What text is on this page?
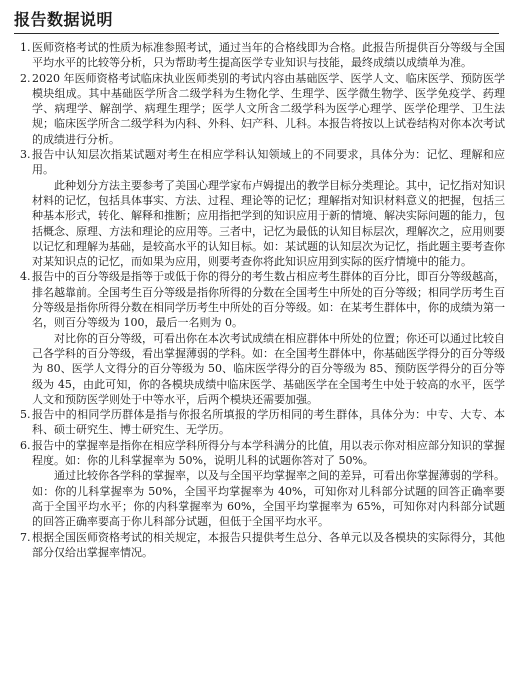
报告数据说明
1. 医师资格考试的性质为标准参照考试，通过当年的合格线即为合格。此报告所提供百分等级与全国平均水平的比较等分析，只为帮助考生提高医学专业知识与技能，最终成绩以成绩单为准。

2. 2020 年医师资格考试临床执业医师类别的考试内容由基础医学、医学人文、临床医学、预防医学模块组成。其中基础医学所含二级学科为生物化学、生理学、医学微生物学、医学免疫学、药理学、病理学、解剖学、病理生理学；医学人文所含二级学科为医学心理学、医学伦理学、卫生法规；临床医学所含二级学科为内科、外科、妇产科、儿科。本报告将按以上试卷结构对你本次考试的成绩进行分析。

3. 报告中认知层次指某试题对考生在相应学科认知领域上的不同要求，具体分为：记忆、理解和应用。

此种划分方法主要参考了美国心理学家布卢姆提出的教学目标分类理论。其中，记忆指对知识材料的记忆，包括具体事实、方法、过程、理论等的记忆；理解指对知识材料意义的把握，包括三种基本形式，转化、解释和推断；应用指把学到的知识应用于新的情境、解决实际问题的能力，包括概念、原理、方法和理论的应用等。三者中，记忆为最低的认知目标层次，理解次之，应用则要以记忆和理解为基础，是较高水平的认知目标。如：某试题的认知层次为记忆，指此题主要考查你对某知识点的记忆，而如果为应用，则要考查你将此知识应用到实际的医疗情境中的能力。

4. 报告中的百分等级是指等于或低于你的得分的考生数占相应考生群体的百分比，即百分等级越高，排名越靠前。全国考生百分等级是指你所得的分数在全国考生中所处的百分等级；相同学历考生百分等级是指你所得分数在相同学历考生中所处的百分等级。如：在某考生群体中，你的成绩为第一名，则百分等级为 100，最后一名则为 0。

对比你的百分等级，可看出你在本次考试成绩在相应群体中所处的位置；你还可以通过比较自己各学科的百分等级，看出掌握薄弱的学科。如：在全国考生群体中，你基础医学得分的百分等级为 80、医学人文得分的百分等级为 50、临床医学得分的百分等级为 85、预防医学得分的百分等级为 45，由此可知，你的各模块成绩中临床医学、基础医学在全国考生中处于较高的水平，医学人文和预防医学则处于中等水平，后两个模块还需要加强。

5. 报告中的相同学历群体是指与你报名所填报的学历相同的考生群体，具体分为：中专、大专、本科、硕士研究生、博士研究生、无学历。

6. 报告中的掌握率是指你在相应学科所得分与本学科满分的比值，用以表示你对相应部分知识的掌握程度。如：你的儿科掌握率为 50%，说明儿科的试题你答对了 50%。

通过比较你各学科的掌握率，以及与全国平均掌握率之间的差异，可看出你掌握薄弱的学科。如：你的儿科掌握率为 50%，全国平均掌握率为 40%，可知你对儿科部分试题的回答正确率要高于全国平均水平；你的内科掌握率为 60%，全国平均掌握率为 65%，可知你对内科部分试题的回答正确率要高于你儿科部分试题，但低于全国平均水平。

7. 根据全国医师资格考试的相关规定，本报告只提供考生总分、各单元以及各模块的实际得分，其他部分仅给出掌握率情况。
